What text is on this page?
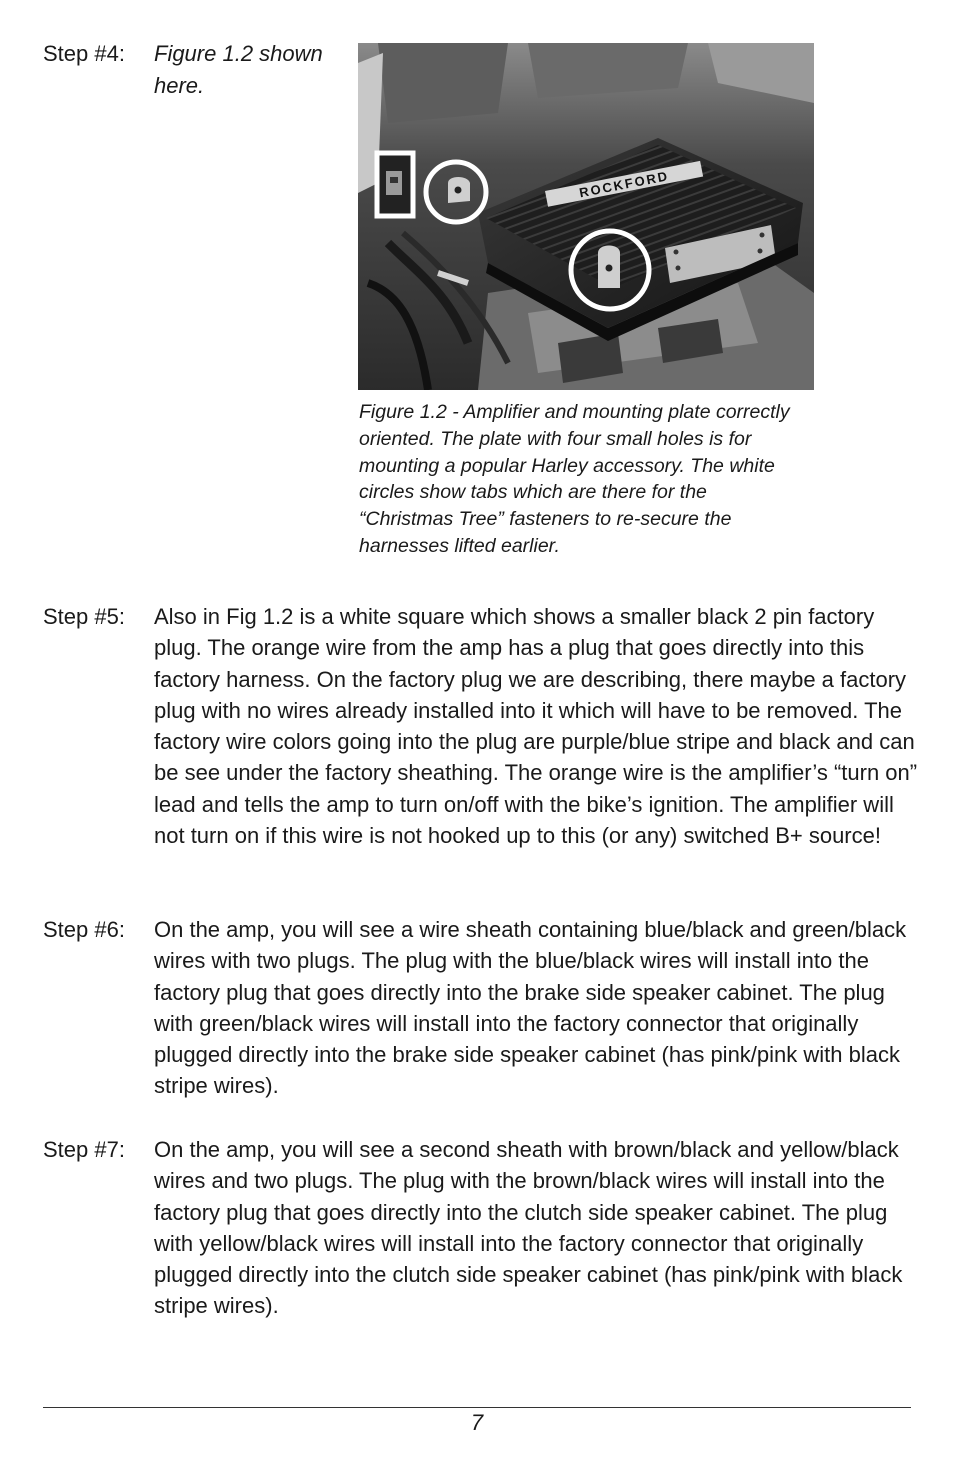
Step #4: Figure 1.2 shown here.
ROCKFORD
Figure 1.2 - Amplifier and mounting plate correctly oriented. The plate with four small holes is for mounting a popular Harley accessory. The white circles show tabs which are there for the “Christmas Tree” fasteners to re-secure the harnesses lifted earlier.
Step #5: Also in Fig 1.2 is a white square which shows a smaller black 2 pin factory plug. The orange wire from the amp has a plug that goes directly into this factory harness. On the factory plug we are describing, there maybe a factory plug with no wires already installed into it which will have to be removed. The factory wire colors going into the plug are purple/blue stripe and black and can be see under the factory sheathing. The orange wire is the amplifier’s “turn on” lead and tells the amp to turn on/off with the bike’s ignition. The amplifier will not turn on if this wire is not hooked up to this (or any) switched B+ source!
Step #6: On the amp, you will see a wire sheath containing blue/black and green/black wires with two plugs. The plug with the blue/black wires will install into the factory plug that goes directly into the brake side speaker cabinet. The plug with green/black wires will install into the factory connector that originally plugged directly into the brake side speaker cabinet (has pink/pink with black stripe wires).
Step #7: On the amp, you will see a second sheath with brown/black and yellow/black wires and two plugs. The plug with the brown/black wires will install into the factory plug that goes directly into the clutch side speaker cabinet. The plug with yellow/black wires will install into the factory connector that originally plugged directly into the clutch side speaker cabinet (has pink/pink with black stripe wires).
7
